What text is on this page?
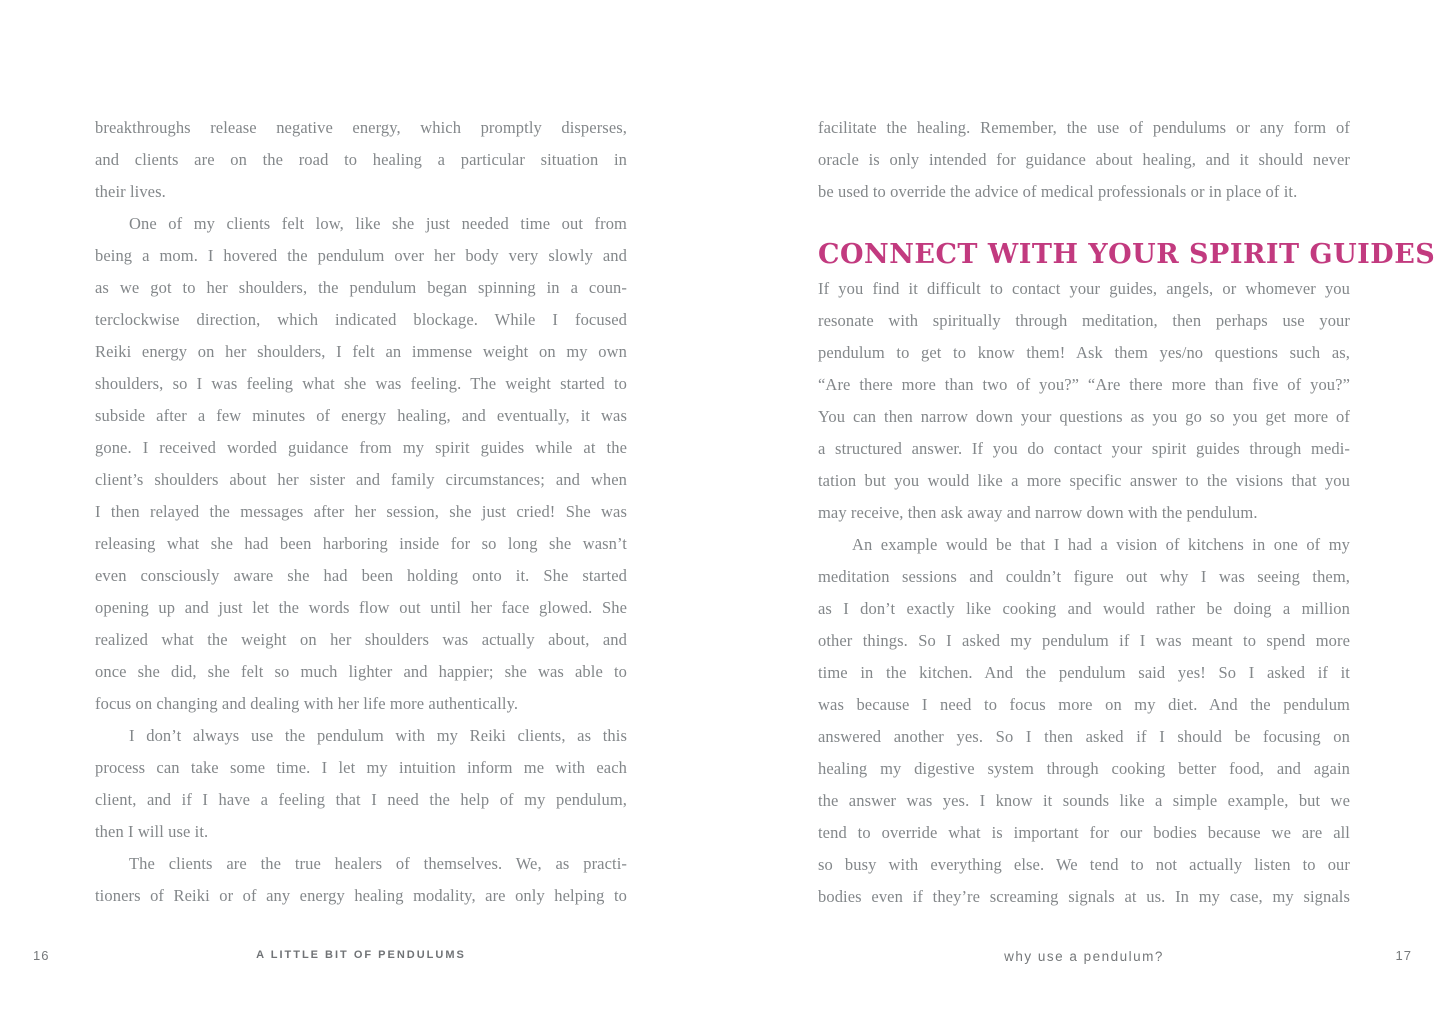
breakthroughs release negative energy, which promptly disperses,
and clients are on the road to healing a particular situation in
their lives.
One of my clients felt low, like she just needed time out from
being a mom. I hovered the pendulum over her body very slowly and
as we got to her shoulders, the pendulum began spinning in a coun-
terclockwise direction, which indicated blockage. While I focused
Reiki energy on her shoulders, I felt an immense weight on my own
shoulders, so I was feeling what she was feeling. The weight started to
subside after a few minutes of energy healing, and eventually, it was
gone. I received worded guidance from my spirit guides while at the
client’s shoulders about her sister and family circumstances; and when
I then relayed the messages after her session, she just cried! She was
releasing what she had been harboring inside for so long she wasn’t
even consciously aware she had been holding onto it. She started
opening up and just let the words flow out until her face glowed. She
realized what the weight on her shoulders was actually about, and
once she did, she felt so much lighter and happier; she was able to
focus on changing and dealing with her life more authentically.
I don’t always use the pendulum with my Reiki clients, as this
process can take some time. I let my intuition inform me with each
client, and if I have a feeling that I need the help of my pendulum,
then I will use it.
The clients are the true healers of themselves. We, as practi-
tioners of Reiki or of any energy healing modality, are only helping to
facilitate the healing. Remember, the use of pendulums or any form of
oracle is only intended for guidance about healing, and it should never
be used to override the advice of medical professionals or in place of it.
CONNECT WITH YOUR SPIRIT GUIDES
If you find it difficult to contact your guides, angels, or whomever you
resonate with spiritually through meditation, then perhaps use your
pendulum to get to know them! Ask them yes/no questions such as,
“Are there more than two of you?” “Are there more than five of you?”
You can then narrow down your questions as you go so you get more of
a structured answer. If you do contact your spirit guides through medi-
tation but you would like a more specific answer to the visions that you
may receive, then ask away and narrow down with the pendulum.
An example would be that I had a vision of kitchens in one of my
meditation sessions and couldn’t figure out why I was seeing them,
as I don’t exactly like cooking and would rather be doing a million
other things. So I asked my pendulum if I was meant to spend more
time in the kitchen. And the pendulum said yes! So I asked if it
was because I need to focus more on my diet. And the pendulum
answered another yes. So I then asked if I should be focusing on
healing my digestive system through cooking better food, and again
the answer was yes. I know it sounds like a simple example, but we
tend to override what is important for our bodies because we are all
so busy with everything else. We tend to not actually listen to our
bodies even if they’re screaming signals at us. In my case, my signals
16	A LITTLE BIT OF PENDULUMS	why use a pendulum?	17
